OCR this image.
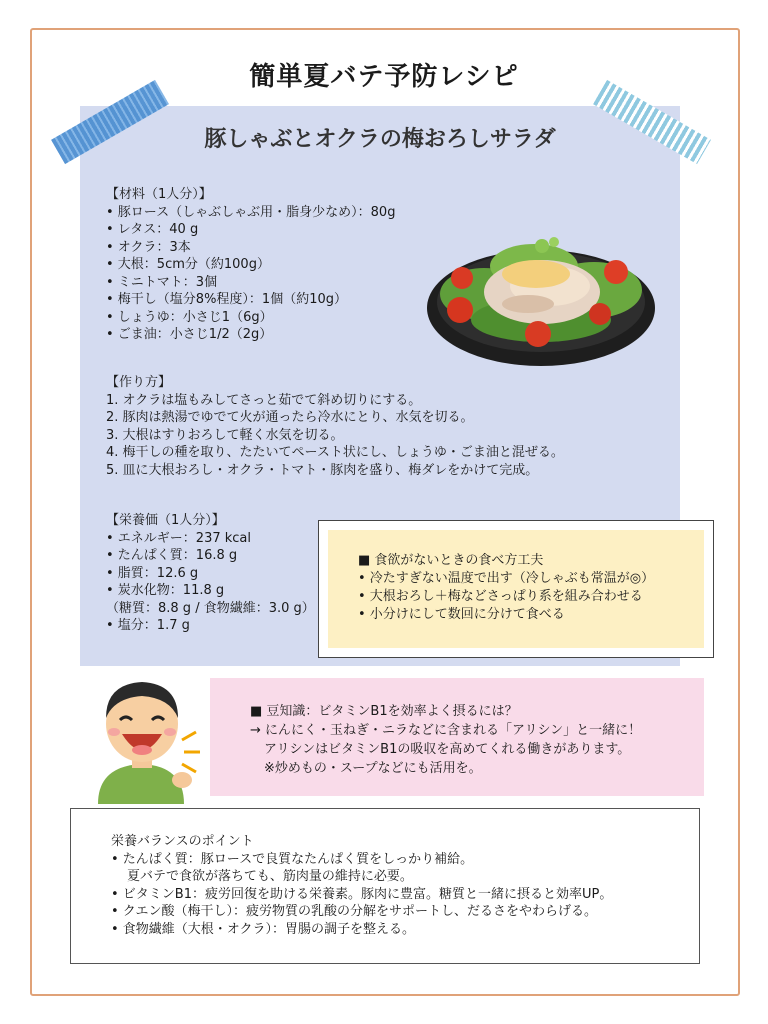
簡単夏バテ予防レシピ
豚しゃぶとオクラの梅おろしサラダ
【材料（1人分）】
• 豚ロース（しゃぶしゃぶ用・脂身少なめ）：80g
• レタス：40 g
• オクラ：3本
• 大根：5cm分（約100g）
• ミニトマト：3個
• 梅干し（塩分8%程度）：1個（約10g）
• しょうゆ：小さじ1（6g）
• ごま油：小さじ1/2（2g）
【作り方】
1. オクラは塩もみしてさっと茹でて斜め切りにする。
2. 豚肉は熱湯でゆでて火が通ったら冷水にとり、水気を切る。
3. 大根はすりおろして軽く水気を切る。
4. 梅干しの種を取り、たたいてペースト状にし、しょうゆ・ごま油と混ぜる。
5. 皿に大根おろし・オクラ・トマト・豚肉を盛り、梅ダレをかけて完成。
【栄養価（1人分）】
• エネルギー：237 kcal
• たんぱく質：16.8 g
• 脂質：12.6 g
• 炭水化物：11.8 g
（糖質：8.8 g / 食物繊維：3.0 g）
• 塩分：1.7 g
■ 食欲がないときの食べ方工夫
• 冷たすぎない温度で出す（冷しゃぶも常温が◎）
• 大根おろし＋梅などさっぱり系を組み合わせる
• 小分けにして数回に分けて食べる
■ 豆知識：ビタミンB1を効率よく摂るには？
→ にんにく・玉ねぎ・ニラなどに含まれる「アリシン」と一緒に！
アリシンはビタミンB1の吸収を高めてくれる働きがあります。
※炒めもの・スープなどにも活用を。
栄養バランスのポイント
• たんぱく質：豚ロースで良質なたんぱく質をしっかり補給。
夏バテで食欲が落ちても、筋肉量の維持に必要。
• ビタミンB1：疲労回復を助ける栄養素。豚肉に豊富。糖質と一緒に摂ると効率UP。
• クエン酸（梅干し）：疲労物質の乳酸の分解をサポートし、だるさをやわらげる。
• 食物繊維（大根・オクラ）：胃腸の調子を整える。
